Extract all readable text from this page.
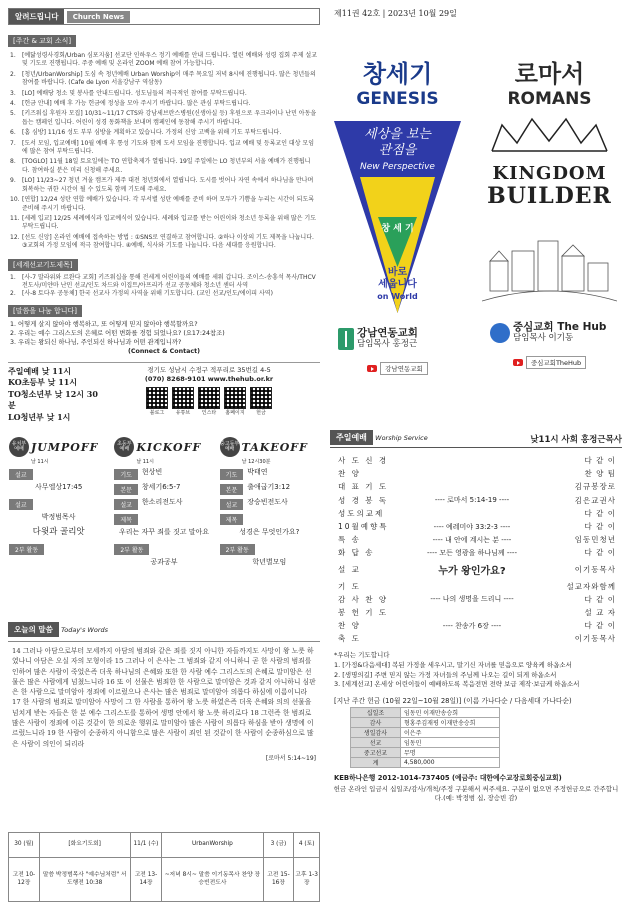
알려드립니다 Church News
[주간 & 교회 소식]
1.	[예닮성령사경회/Urban 심포지움] 선교단 인하우스 정기 예배를 안내 드립니다. 열린 예배와 성령 집회 주제 설교 및 기도로 진행됩니다. 주중 예배 및 온라인 ZOOM 예배 참여 가능합니다.
2.	[청년/UrbanWorship] 도심 속 청년예배 Urban Worship이 매주 목요일 저녁 8시에 진행됩니다. 많은 청년들의 참여를 바랍니다. (Cafe de Lyon 서울강남구 역삼동)
3.	[LO] 예배당 청소 및 봉사를 안내드립니다. 성도님들의 적극적인 참여를 부탁드립니다.
4.	[헌금 안내] 예배 후 가능 헌금에 정성을 모아 주시기 바랍니다. 많은 관심 부탁드립니다.
5.	[키즈워십 후원자 모집] 10/31~11/17 CTS와 강남세브란스병원(신생아실 등) 후원으로 우크라이나 난민 아동을 돕는 캠페인 입니다. 어린이 성경 동화책을 보내며 캠페인에 동참해 주시기 바랍니다.
6.	[홈 심방] 11/16 성도 부부 심방을 계획하고 있습니다. 가정의 신앙 고백을 위해 기도 부탁드립니다.
7.	[도서 모임, 입교예배] 10월 예배 후 통성 기도와 함께 도서 모임을 진행합니다. 입교 예배 및 등록교인 대상 모임에 많은 참여 부탁드립니다.
8.	[TOGLO] 11월 18일 토요일에는 TO 연합축제가 열립니다. 19일 주일에는 LO 청년부의 서울 예배가 진행됩니다. 참여하실 분은 미리 신청해 주세요.
9.	[LO] 11/23~27 청년 겨울 캠프가 제주 대전 청년회에서 열립니다. 도시를 벗어나 자연 속에서 하나님을 만나며 회복하는 귀한 시간이 될 수 있도록 함께 기도해 주세요.
10. [연합] 12/24 성탄 연합 예배가 있습니다. 각 부서별 성탄 예배를 준비 하며 모두가 기쁨을 누리는 시간이 되도록 준비해 주시기 바랍니다.
11. [세례 입교] 12/25 세례예식과 입교예식이 있습니다. 세례와 입교를 받는 어린이와 청소년 등록을 위해 많은 기도 부탁드립니다.
12. [선도 신앙] 온라인 예배에 접속하는 방법 : ①SNS로 연결하고 참여합니다. ②하나 이상의 기도 제목을 나눕니다. ③교회의 가정 모임에 적극 참여합니다. ④예배, 식사와 기도를 나눕니다. 다음 세대를 응원합니다.
[세계선교기도제목]
1.	[사-7 말라위와 르완다 교회] 키즈워십을 통해 전세계 어린이들의 예배를 세워 갑니다. 조이스-송흥석 목사/THCV 전도사/미얀마 난민 선교/인도 차드와 이집트/아프리카 선교 공동체와 청소년 센터 사역
2.	[사-8 토다우 공동체] 한국 선교사 가정의 사역을 위해 기도합니다. (교인 선교/인도/에이피 사역)
[말씀을 나눔 합니다]
1. 어떻게 살지 않아야 행복하고, 또 어떻게 믿지 않아야 행복할까요?
2. 우리는 예수 그리스도의 은혜로 어떤 변화를 경험 되었나요? (요17:24참조)
3. 우리는 왕되신 하나님, 주인되신 하나님과 어떤 관계입니까?
(Connect & Contact)
주일예배 낮 11시
KO초등부 낮 11시
TO청소년부 낮 12시 30분
LO청년부 낮 1시
경기도 성남시 수정구 적푸리로 35번길 4-5
(070) 8268-9101 www.thehub.or.kr
블로그 유튜브 인스타 홈페이지 헌금
제11권 42호 | 2023년 10월 29일
창세기
GENESIS
세상을 보는
관점을
New Perspective
창 세 기
바로
세웁니다
on World
강남연동교회
담임목사 홍정근
강남연동교회
로마서
ROMANS
KINGDOM
BUILDER
중심교회 The Hub
담임목사 이기동
중심교회TheHub
유치부 예배 JUMPOFF
날 11시
설교
사무엘상17:45
설교
박정범목사
다윗과 골리앗
2부 활동
초등부 예배 KICKOFF
날 11시
기도	현상빈
본문	창세기6:5-7
설교	한소리전도사
제목
우리는 자꾸 죄를 짓고 말아요
2부 활동
공과공부
중고등부 예배 TAKEOFF
날 12시30분
기도	박태연
본문	출애굽기3:12
설교	장승빈전도사
제목
성경은 무엇인가요?
2부 활동
학년별모임
오늘의 말씀 Today's Words
14 그러나 아담으로부터 모세까지 아담의 범죄와 같은 죄를 짓지 아니한 자들까지도 사망이 왕 노릇 하였나니 아담은 오실 자의 모형이라 15 그러나 이 은사는 그 범죄와 같지 아니하니 곧 한 사람의 범죄를 인하여 많은 사람이 죽었은즉 더욱 하나님의 은혜와 또한 한 사람 예수 그리스도의 은혜로 말미암은 선물은 많은 사람에게 넘쳤느니라 16 또 이 선물은 범죄한 한 사람으로 말미암은 것과 같지 아니하니 심판은 한 사람으로 말미암아 정죄에 이르렀으나 은사는 많은 범죄로 말미암아 의롭다 하심에 이름이니라 17 한 사람의 범죄로 말미암아 사망이 그 한 사람을 통하여 왕 노릇 하였은즉 더욱 은혜와 의의 선물을 넘치게 받는 자들은 한 분 예수 그리스도를 통하여 생명 안에서 왕 노릇 하리로다 18 그런즉 한 범죄로 많은 사람이 정죄에 이른 것같이 한 의로운 행위로 말미암아 많은 사람이 의롭다 하심을 받아 생명에 이르렀느니라 19 한 사람이 순종하지 아니함으로 많은 사람이 죄인 된 것같이 한 사람이 순종하심으로 많은 사람이 의인이 되리라
[로마서 5:14~19]
30 (월)	[화요기도회]	11/1 (수)	UrbanWorship	3 (금)	4 (토)
고전 10-12장	말씀 박정범목사 "예수님처럼" 서도행전 10:38	고전 13-14장	~저녁 8시~ 말씀 이기동목사 찬양 장승빈전도사	고전 15-16장	고후 1-3장
주일예배 Worship Service	낮11시 사회 홍정근목사
사 도 신 경	다 같 이
찬 양	찬 양 팀
대 표 기 도	김규봉장로
성 경 봉 독	---- 로마서 5:14-19 ----	김은교권사
성도의교제	다 같 이
10월예향특	---- 예레미야 33:2-3 ----	다 같 이
특 송	---- 내 안에 계시는 분 ----	임동민청년
화 답 송	---- 모든 영광을 하나님께 ----	다 같 이
설 교	누가 왕인가요?	이기동목사
기 도	설교자와함께
감 사 찬 양	---- 나의 생명을 드리니 ----	다 같 이
봉 헌 기 도	설 교 자
찬 양	---- 찬송가 6장 ----	다 같 이
축 도	이기동목사
*우리는 기도합니다
1. [가정&다음세대] 복된 가정을 세우시고, 말기신 자녀를 믿음으로 양육케 하옵소서
2. [생명의길] 주변 믿지 않는 가정 자녀들의 주님께 나오는 길이 되게 하옵소서
3. [세계선교] 온세상 어린이들이 예배하도록 복음전면 전략 보급 제작·보급케 하옵소서
[지난 주간 헌금 (10월 22일~10월 28일)] (이름 가나다순 / 다음세대 가나다순)
십일조	임동민 이재만송승희
감사	형홍주김재평 이재만송승희
생일감사	이은주
선교	임동민
중고선교	무명
계	4,580,000
KEB하나은행 2012-1014-737405 (예금주: 대한예수교장로회중심교회)
헌금 온라인 입금시 십일조/감사/개척/주정 구분해서 써주세요. 구분이 없으면 주정헌금으로 간주합니다.(예: 박정범 십, 장승빈 감)
